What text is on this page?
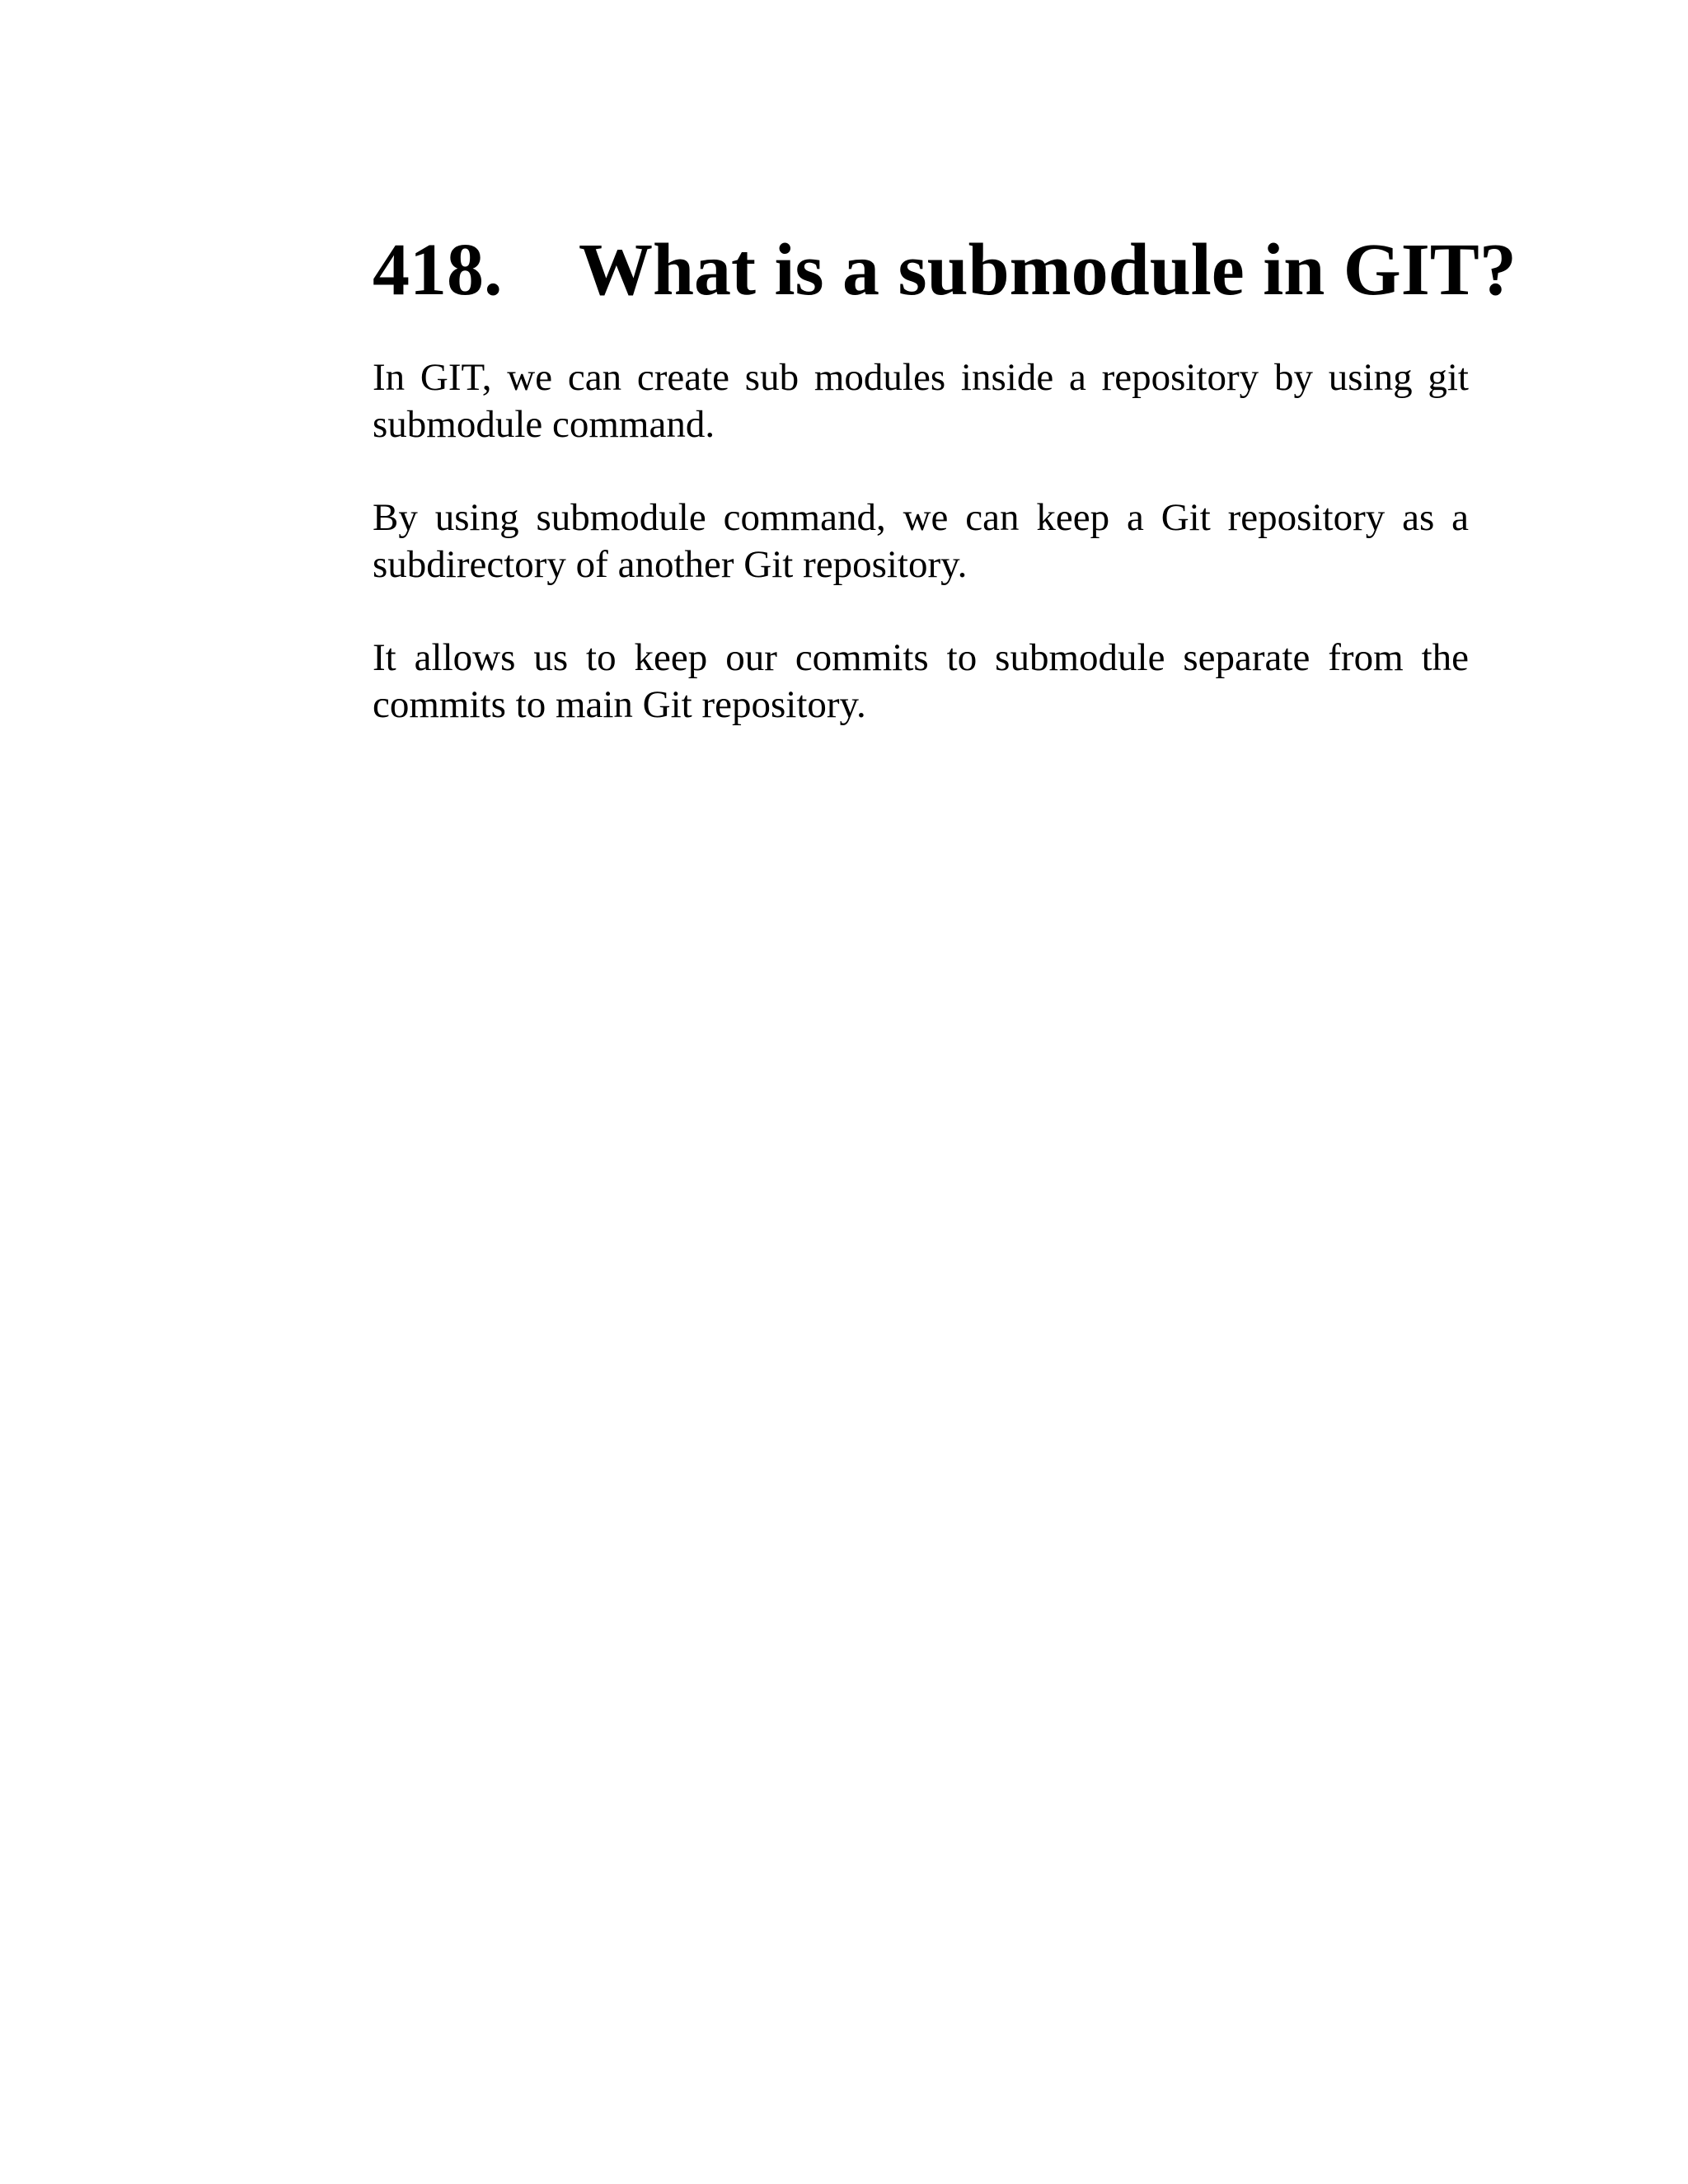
418. What is a submodule in GIT?

In GIT, we can create sub modules inside a repository by using git submodule command.

By using submodule command, we can keep a Git repository as a subdirectory of another Git repository.

It allows us to keep our commits to submodule separate from the commits to main Git repository.
